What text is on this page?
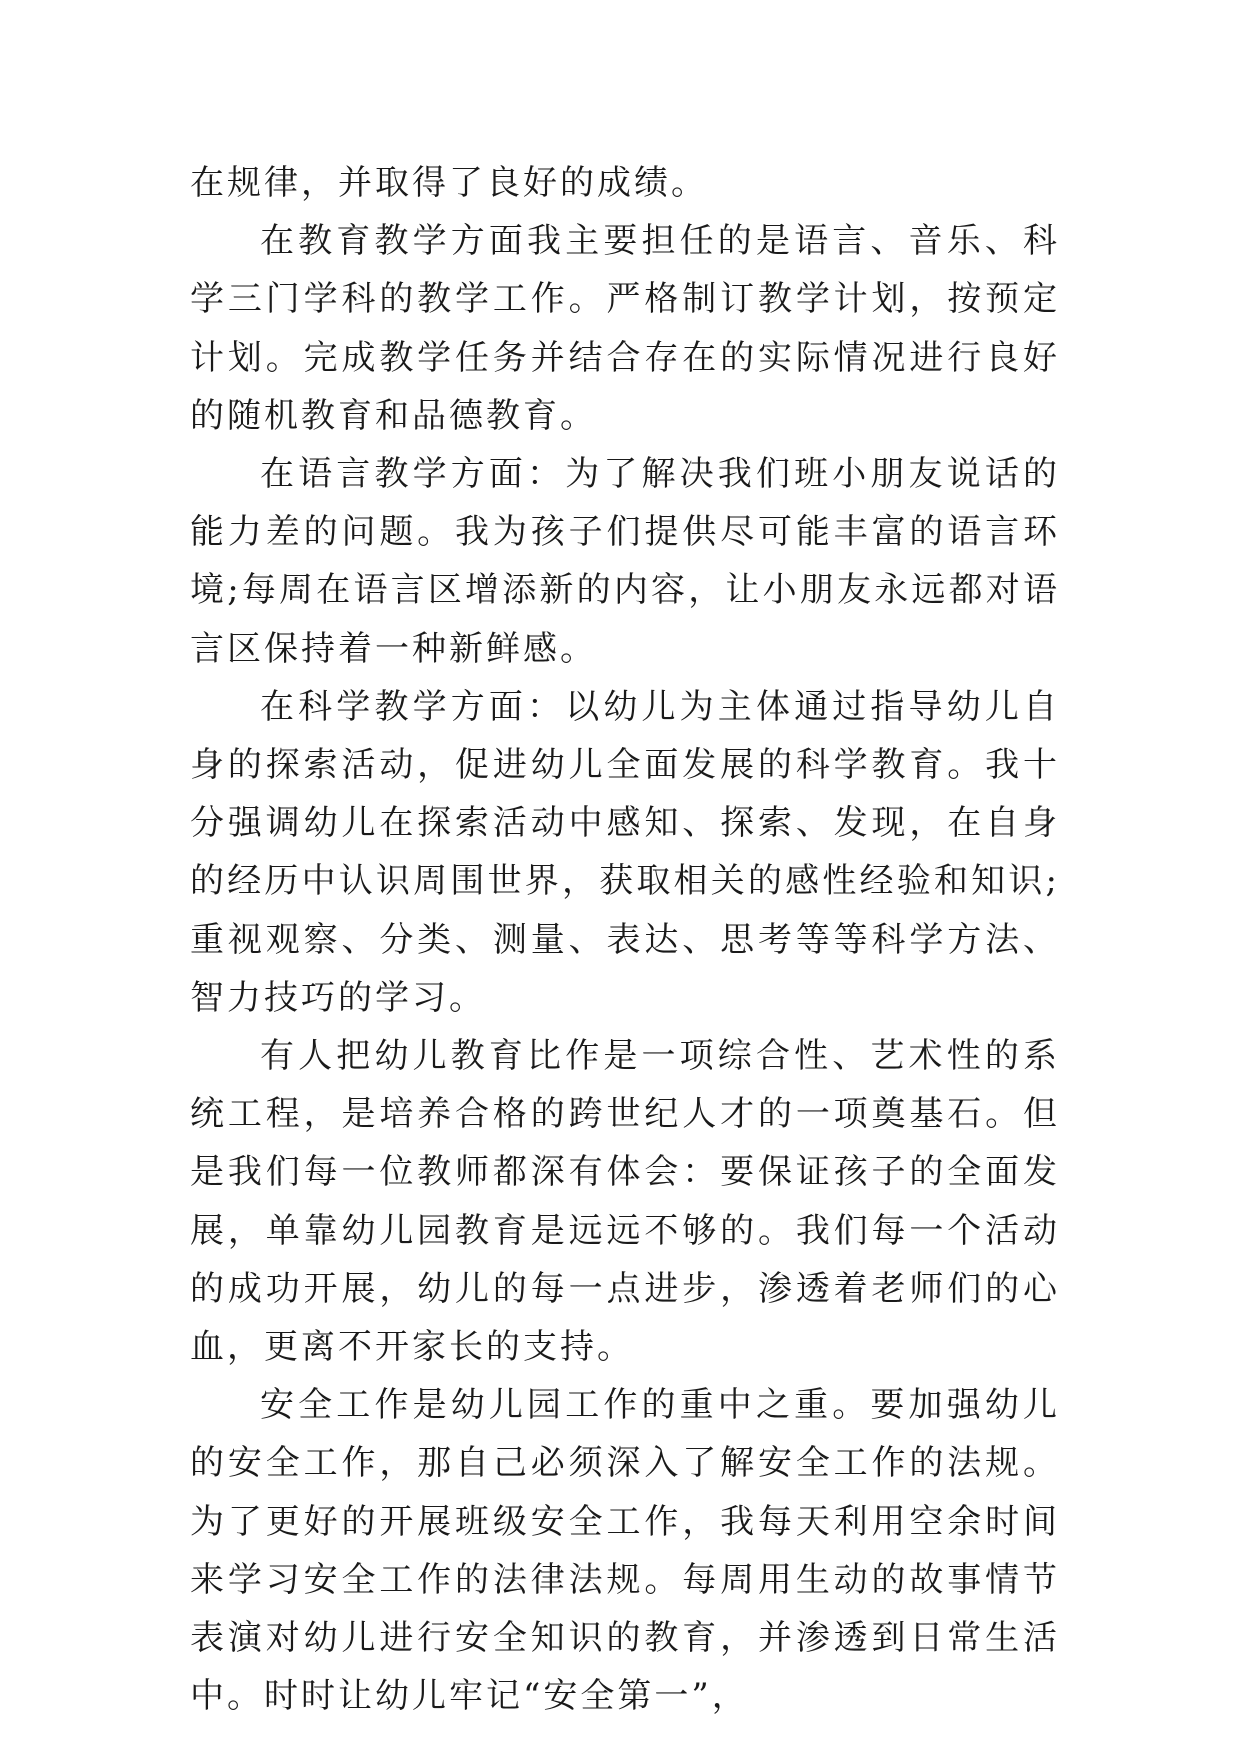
在规律，并取得了良好的成绩。

在教育教学方面我主要担任的是语言、音乐、科学三门学科的教学工作。严格制订教学计划，按预定计划。完成教学任务并结合存在的实际情况进行良好的随机教育和品德教育。

在语言教学方面：为了解决我们班小朋友说话的能力差的问题。我为孩子们提供尽可能丰富的语言环境;每周在语言区增添新的内容，让小朋友永远都对语言区保持着一种新鲜感。

在科学教学方面：以幼儿为主体通过指导幼儿自身的探索活动，促进幼儿全面发展的科学教育。我十分强调幼儿在探索活动中感知、探索、发现，在自身的经历中认识周围世界，获取相关的感性经验和知识;重视观察、分类、测量、表达、思考等等科学方法、智力技巧的学习。

有人把幼儿教育比作是一项综合性、艺术性的系统工程，是培养合格的跨世纪人才的一项奠基石。但是我们每一位教师都深有体会：要保证孩子的全面发展，单靠幼儿园教育是远远不够的。我们每一个活动的成功开展，幼儿的每一点进步，渗透着老师们的心血，更离不开家长的支持。

安全工作是幼儿园工作的重中之重。要加强幼儿的安全工作，那自己必须深入了解安全工作的法规。为了更好的开展班级安全工作，我每天利用空余时间来学习安全工作的法律法规。每周用生动的故事情节表演对幼儿进行安全知识的教育，并渗透到日常生活中。时时让幼儿牢记“安全第一”，
